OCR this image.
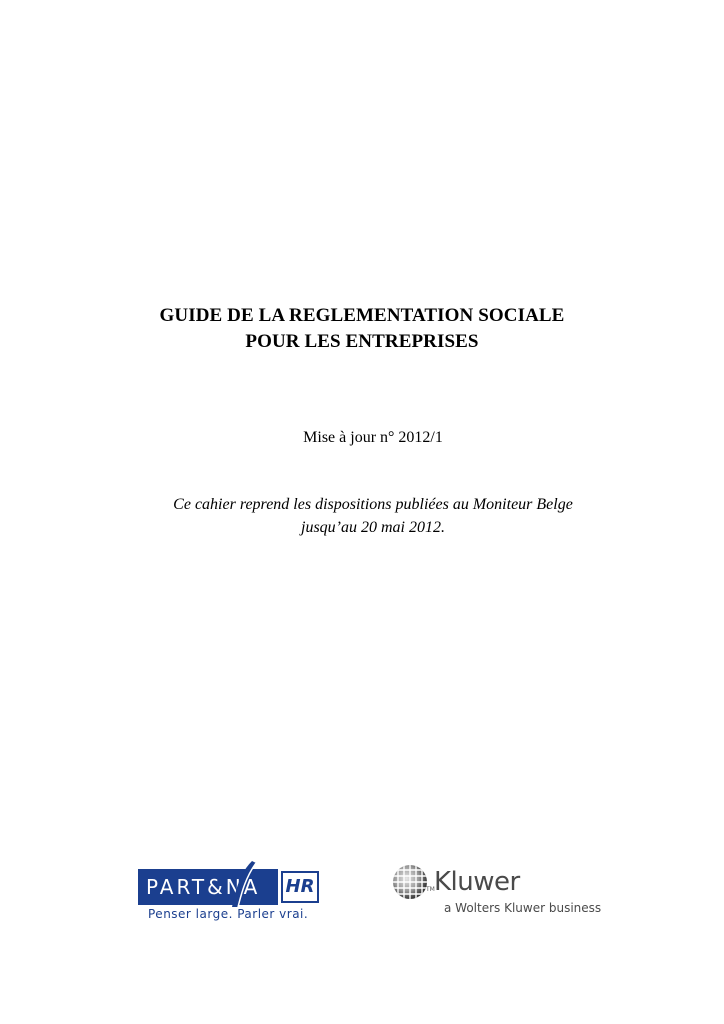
GUIDE DE LA REGLEMENTATION SOCIALE
POUR LES ENTREPRISES
Mise à jour n° 2012/1
Ce cahier reprend les dispositions publiées au Moniteur Belge
jusqu’au 20 mai 2012.
PART&NA HR
Penser large. Parler vrai.
TM Kluwer
a Wolters Kluwer business
